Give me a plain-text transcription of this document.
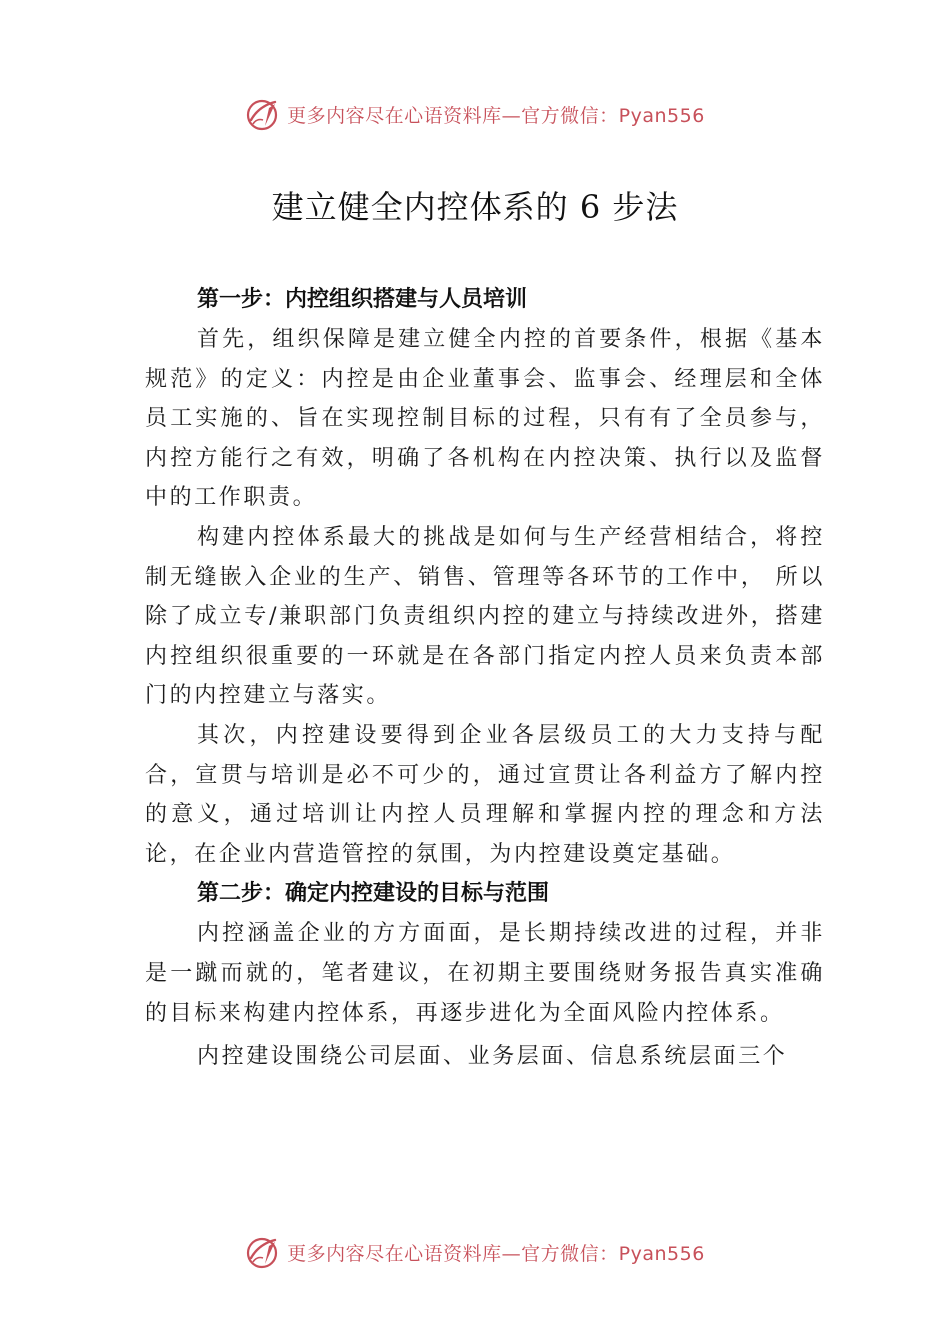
更多内容尽在心语资料库—官方微信：Pyan556
建立健全内控体系的 6 步法
第一步：内控组织搭建与人员培训

首先，组织保障是建立健全内控的首要条件，根据《基本规范》的定义：内控是由企业董事会、监事会、经理层和全体员工实施的、旨在实现控制目标的过程，只有有了全员参与，内控方能行之有效，明确了各机构在内控决策、执行以及监督中的工作职责。

构建内控体系最大的挑战是如何与生产经营相结合，将控制无缝嵌入企业的生产、销售、管理等各环节的工作中， 所以除了成立专/兼职部门负责组织内控的建立与持续改进外，搭建内控组织很重要的一环就是在各部门指定内控人员来负责本部门的内控建立与落实。

其次，内控建设要得到企业各层级员工的大力支持与配合，宣贯与培训是必不可少的，通过宣贯让各利益方了解内控的意义，通过培训让内控人员理解和掌握内控的理念和方法论，在企业内营造管控的氛围，为内控建设奠定基础。

第二步：确定内控建设的目标与范围

内控涵盖企业的方方面面，是长期持续改进的过程，并非是一蹴而就的，笔者建议，在初期主要围绕财务报告真实准确的目标来构建内控体系，再逐步进化为全面风险内控体系。

内控建设围绕公司层面、业务层面、信息系统层面三个

更多内容尽在心语资料库—官方微信：Pyan556
